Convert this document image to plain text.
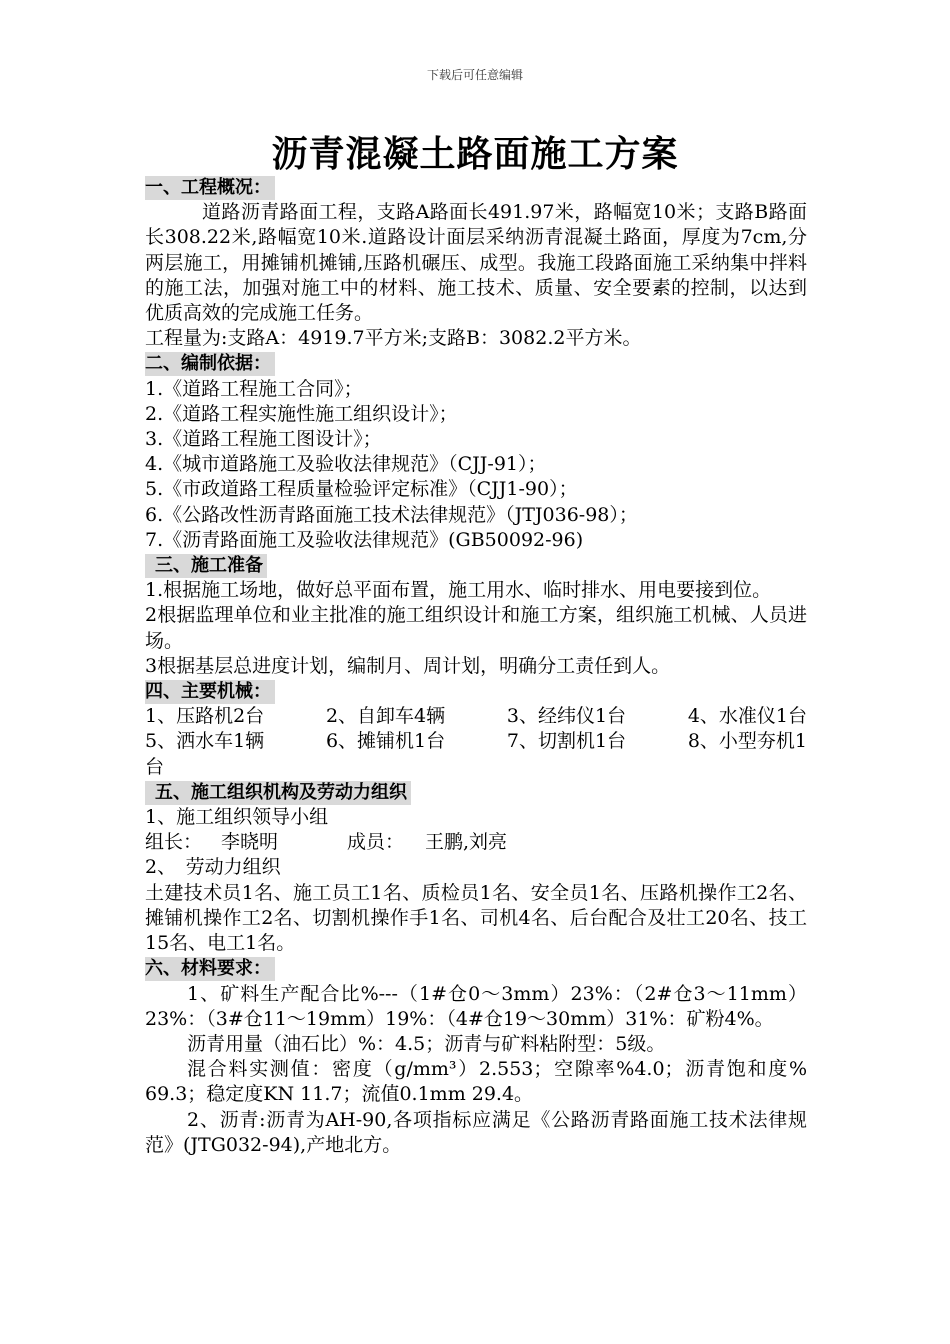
下载后可任意编辑
沥青混凝土路面施工方案
一、工程概况：

道路沥青路面工程，支路A路面长491.97米，路幅宽10米；支路B路面长308.22米,路幅宽10米.道路设计面层采纳沥青混凝土路面，厚度为7cm,分两层施工，用摊铺机摊铺,压路机碾压、成型。我施工段路面施工采纳集中拌料的施工法，加强对施工中的材料、施工技术、质量、安全要素的控制，以达到优质高效的完成施工任务。

工程量为:支路A：4919.7平方米;支路B：3082.2平方米。

二、编制依据：

1.《道路工程施工合同》；

2.《道路工程实施性施工组织设计》；

3.《道路工程施工图设计》；

4.《城市道路施工及验收法律规范》（CJJ-91）；

5.《市政道路工程质量检验评定标准》（CJJ1-90）；

6.《公路改性沥青路面施工技术法律规范》（JTJ036-98）；

7.《沥青路面施工及验收法律规范》(GB50092-96)

三、施工准备

1.根据施工场地，做好总平面布置，施工用水、临时排水、用电要接到位。

2根据监理单位和业主批准的施工组织设计和施工方案，组织施工机械、人员进场。

3根据基层总进度计划，编制月、周计划，明确分工责任到人。

四、主要机械：
1、压路机2台	2、自卸车4辆	3、经纬仪1台	4、水准仪1台
5、洒水车1辆	6、摊铺机1台	7、切割机1台	8、小型夯机1

台

五、施工组织机构及劳动力组织

1、施工组织领导小组

组长： 李晓明	成员：	王鹏,刘亮

2、　劳动力组织

土建技术员1名、施工员工1名、质检员1名、安全员1名、压路机操作工2名、摊铺机操作工2名、切割机操作手1名、司机4名、后台配合及壮工20名、技工15名、电工1名。

六、材料要求：

1、矿料生产配合比%---（1#仓0～3mm）23%：（2#仓3～11mm）23%：（3#仓11～19mm）19%：（4#仓19～30mm）31%：矿粉4%。

沥青用量（油石比）%：4.5；沥青与矿料粘附型：5级。

混合料实测值：密度（g/mm³）2.553；空隙率%4.0；沥青饱和度% 69.3；稳定度KN 11.7；流值0.1mm 29.4。

2、沥青:沥青为AH-90,各项指标应满足《公路沥青路面施工技术法律规范》(JTG032-94),产地北方。
